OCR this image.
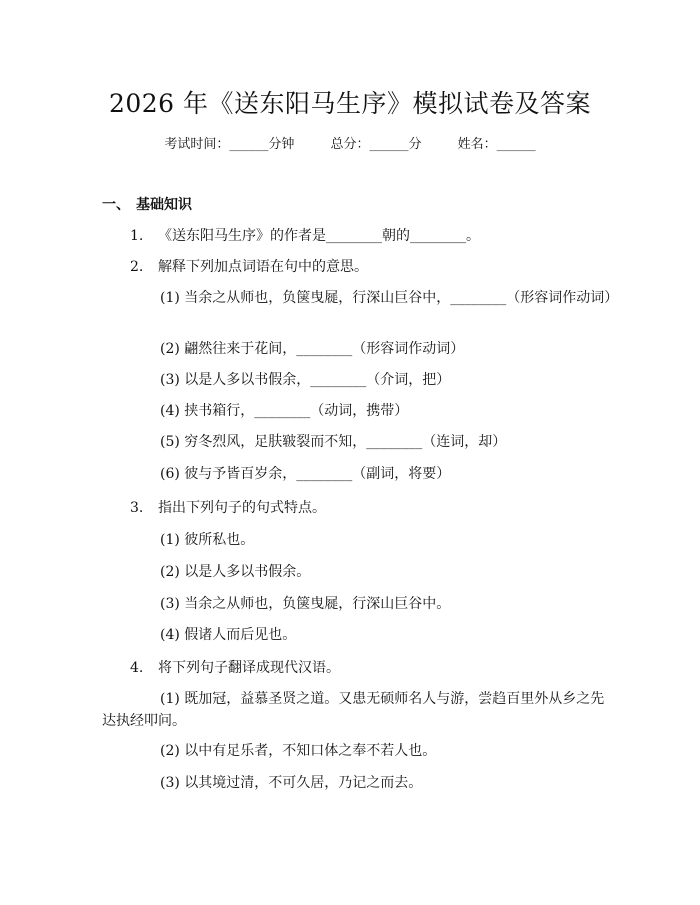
2026 年《送东阳马生序》模拟试卷及答案
考试时间：______分钟	总分：______分	姓名：______
一、 基础知识
1. 《送东阳马生序》的作者是________朝的________。
2. 解释下列加点词语在句中的意思。
(1) 当余之从师也，负箧曳屣，行深山巨谷中，________（形容词作动词）
(2) 翩然往来于花间，________（形容词作动词）
(3) 以是人多以书假余，________（介词，把）
(4) 挟书箱行，________（动词，携带）
(5) 穷冬烈风，足肤皲裂而不知，________（连词，却）
(6) 彼与予皆百岁余，________（副词，将要）
3. 指出下列句子的句式特点。
(1) 彼所私也。
(2) 以是人多以书假余。
(3) 当余之从师也，负箧曳屣，行深山巨谷中。
(4) 假诸人而后见也。
4. 将下列句子翻译成现代汉语。
(1) 既加冠，益慕圣贤之道。又患无硕师名人与游，尝趋百里外从乡之先达执经叩问。
(2) 以中有足乐者，不知口体之奉不若人也。
(3) 以其境过清，不可久居，乃记之而去。
